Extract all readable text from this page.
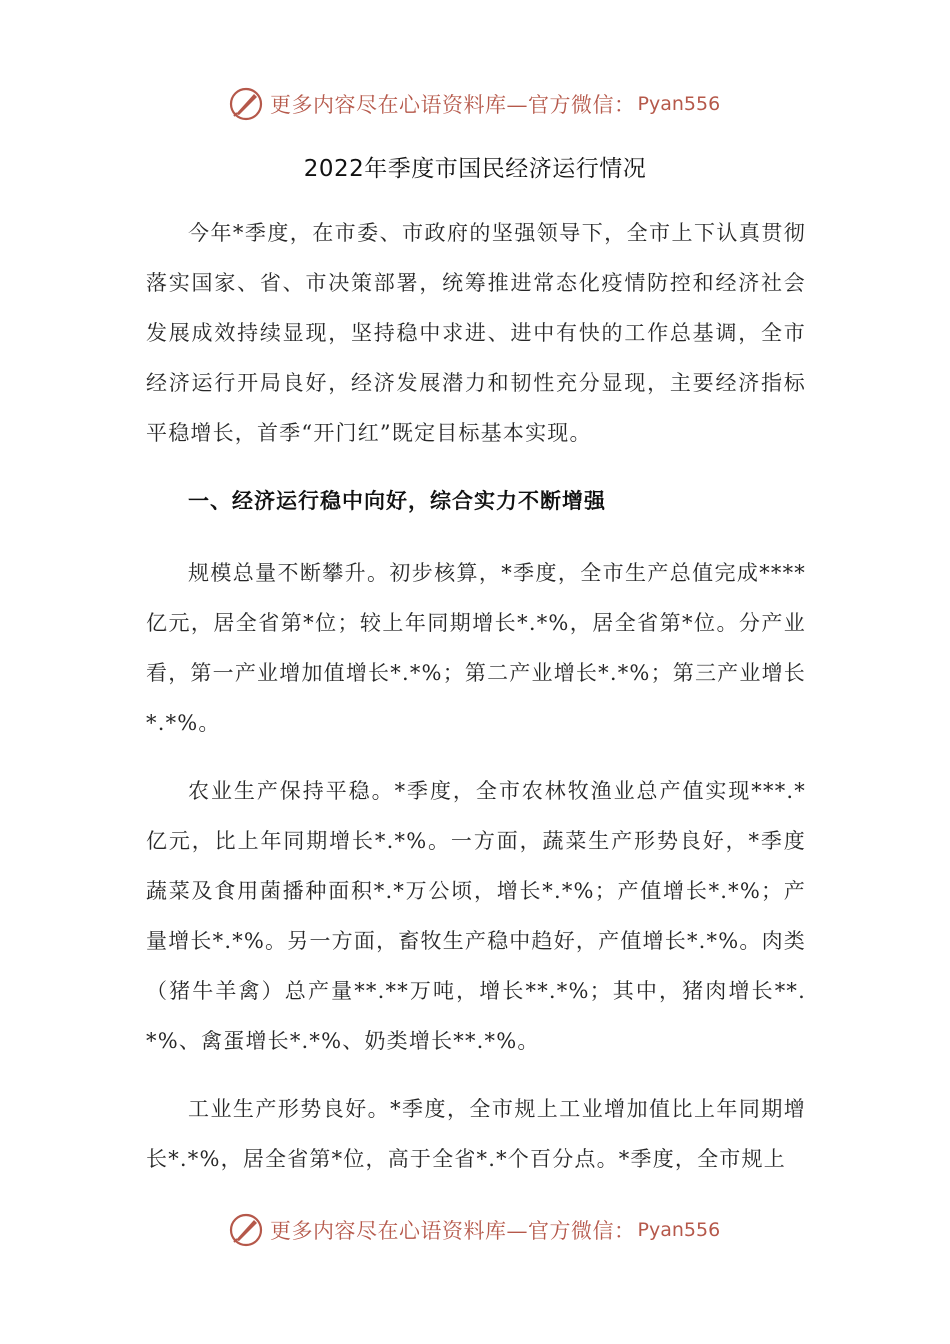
更多内容尽在心语资料库—官方微信： Pyan556
2022年季度市国民经济运行情况

今年*季度，在市委、市政府的坚强领导下，全市上下认真贯彻落实国家、省、市决策部署，统筹推进常态化疫情防控和经济社会发展成效持续显现，坚持稳中求进、进中有快的工作总基调，全市经济运行开局良好，经济发展潜力和韧性充分显现，主要经济指标平稳增长，首季“开门红”既定目标基本实现。

一、经济运行稳中向好，综合实力不断增强

规模总量不断攀升。初步核算，*季度，全市生产总值完成****亿元，居全省第*位；较上年同期增长*.*%，居全省第*位。分产业看，第一产业增加值增长*.*%；第二产业增长*.*%；第三产业增长*.*%。

农业生产保持平稳。*季度，全市农林牧渔业总产值实现***.*亿元，比上年同期增长*.*%。一方面，蔬菜生产形势良好，*季度蔬菜及食用菌播种面积*.*万公顷，增长*.*%；产值增长*.*%；产量增长*.*%。另一方面，畜牧生产稳中趋好，产值增长*.*%。肉类（猪牛羊禽）总产量**.**万吨，增长**.*%；其中，猪肉增长**.*%、禽蛋增长*.*%、奶类增长**.*%。

工业生产形势良好。*季度，全市规上工业增加值比上年同期增长*.*%，居全省第*位，高于全省*.*个百分点。*季度，全市规上

更多内容尽在心语资料库—官方微信： Pyan556
